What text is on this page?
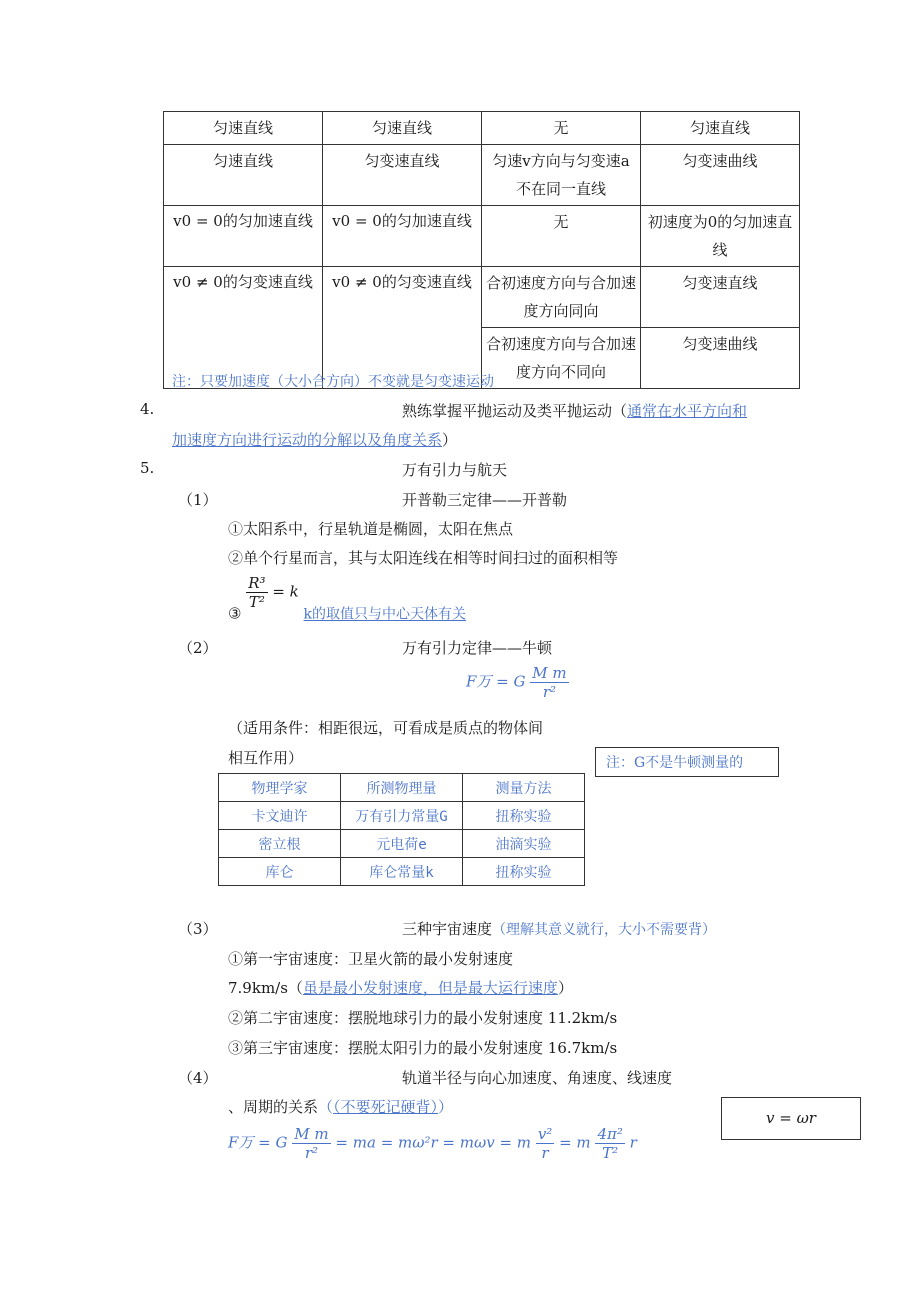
匀速直线	匀速直线	无	匀速直线
匀速直线	匀变速直线	匀速v方向与匀变速a不在同一直线	匀变速曲线
v0 = 0的匀加速直线	v0 = 0的匀加速直线	无	初速度为0的匀加速直线
v0 ≠ 0的匀变速直线	v0 ≠ 0的匀变速直线	合初速度方向与合加速度方向同向	匀变速直线
		合初速度方向与合加速度方向不同向	匀变速曲线
注：只要加速度（大小合方向）不变就是匀变速运动
4.	熟练掌握平抛运动及类平抛运动（通常在水平方向和
加速度方向进行运动的分解以及角度关系）
5.	万有引力与航天
（1）	开普勒三定律——开普勒
①太阳系中，行星轨道是椭圆，太阳在焦点
②单个行星而言，其与太阳连线在相等时间扫过的面积相等
③
$\frac{\text{R³}}{\text{T²}} = k$ k的取值只与中心天体有关
（2）	万有引力定律——牛顿
F万 = G $\frac{\text{M m}}{\text{r²}}$
（适用条件：相距很远，可看成是质点的物体间
相互作用）	注：G不是牛顿测量的
物理学家	所测物理量	测量方法
卡文迪许	万有引力常量G	扭称实验
密立根	元电荷e	油滴实验
库仑	库仑常量k	扭称实验
（3）	三种宇宙速度（理解其意义就行，大小不需要背）
①第一宇宙速度：卫星火箭的最小发射速度
7.9km/s（虽是最小发射速度，但是最大运行速度）
②第二宇宙速度：摆脱地球引力的最小发射速度 11.2km/s
③第三宇宙速度：摆脱太阳引力的最小发射速度 16.7km/s
（4）	轨道半径与向心加速度、角速度、线速度
、周期的关系（（不要死记硬背））
v = ωr
F万 = G $\frac{\text{M m}}{\text{r²}}$ = ma = mω²r = mωv = m $\frac{\text{v²}}{r} = m \frac{\text{4π²}}{\text{T²}}$ r
